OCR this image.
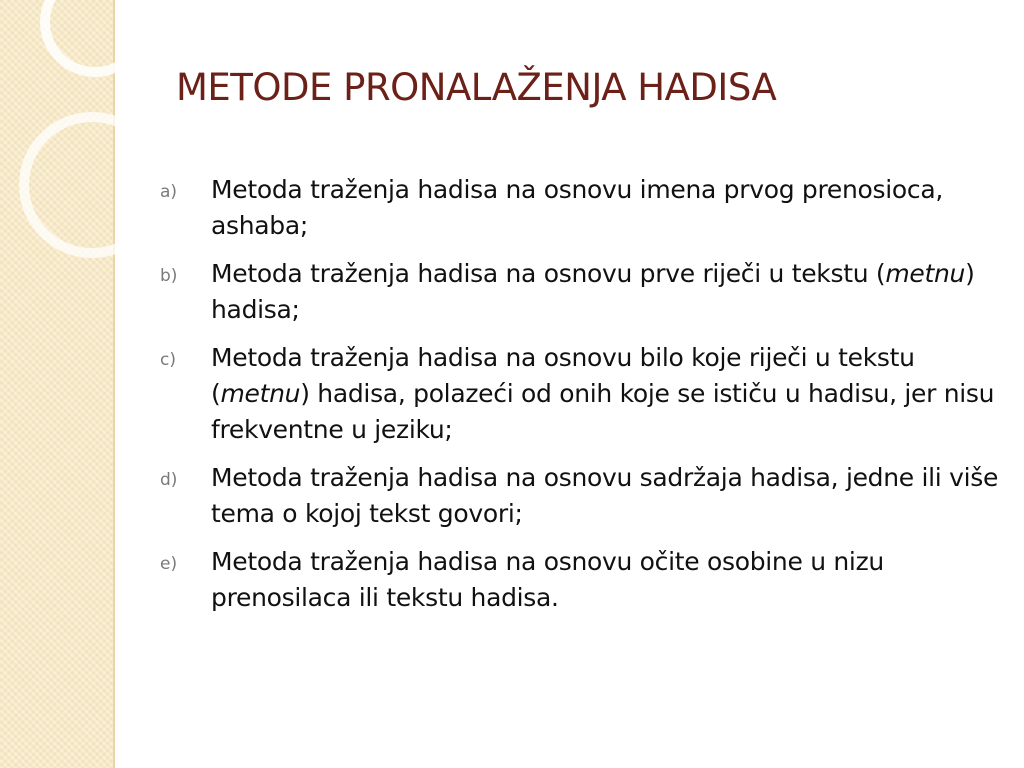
METODE PRONALAŽENJA HADISA
a) Metoda traženja hadisa na osnovu imena prvog prenosioca, ashaba;
b) Metoda traženja hadisa na osnovu prve riječi u tekstu (metnu) hadisa;
c) Metoda traženja hadisa na osnovu bilo koje riječi u tekstu (metnu) hadisa, polazeći od onih koje se ističu u hadisu, jer nisu frekventne u jeziku;
d) Metoda traženja hadisa na osnovu sadržaja hadisa, jedne ili više tema o kojoj tekst govori;
e) Metoda traženja hadisa na osnovu očite osobine u nizu prenosilaca ili tekstu hadisa.
